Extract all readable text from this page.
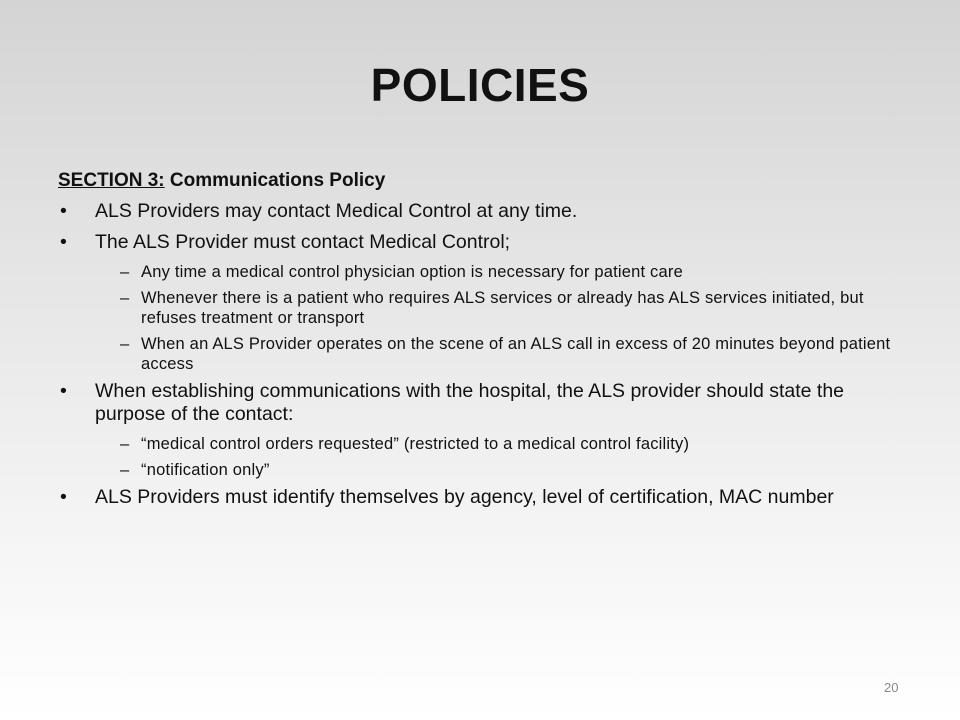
POLICIES
SECTION 3: Communications Policy
• ALS Providers may contact Medical Control at any time.
• The ALS Provider must contact Medical Control;
– Any time a medical control physician option is necessary for patient care
– Whenever there is a patient who requires ALS services or already has ALS services initiated, but refuses treatment or transport
– When an ALS Provider operates on the scene of an ALS call in excess of 20 minutes beyond patient access
• When establishing communications with the hospital, the ALS provider should state the purpose of the contact:
– “medical control orders requested” (restricted to a medical control facility)
– “notification only”
• ALS Providers must identify themselves by agency, level of certification, MAC number
20
